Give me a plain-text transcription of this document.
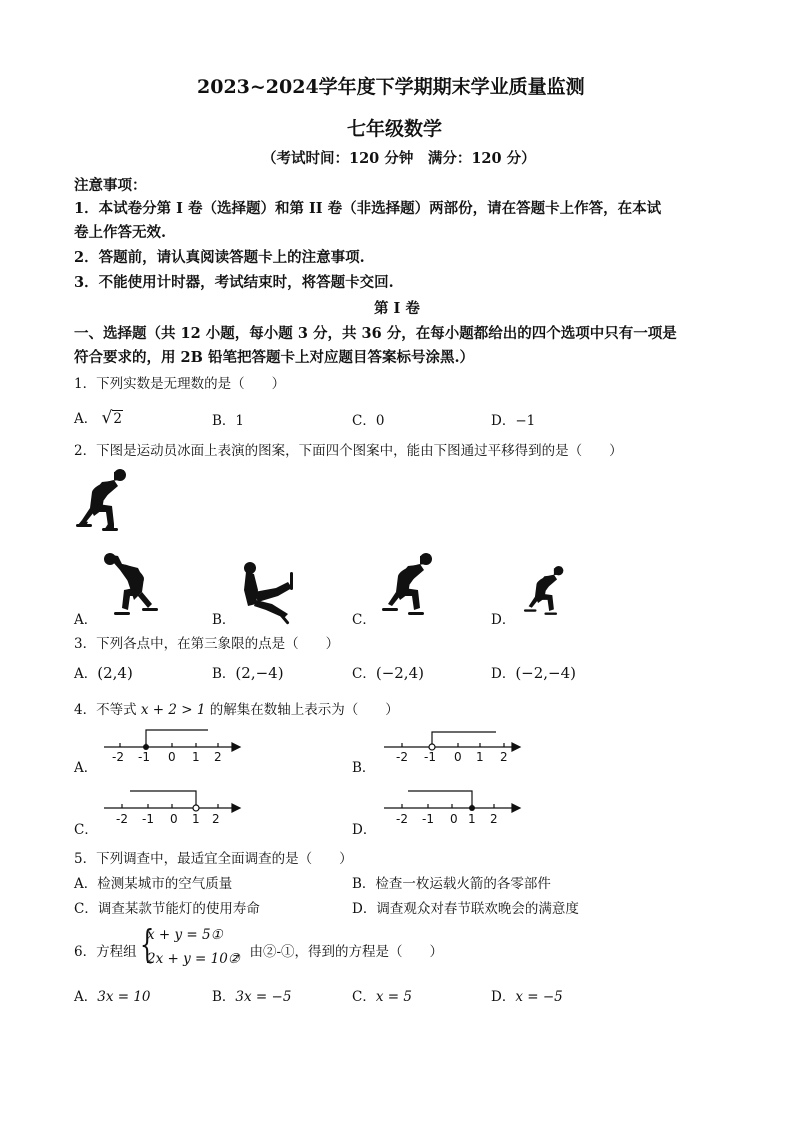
2023~2024学年度下学期期末学业质量监测
七年级数学
（考试时间：120 分钟　满分：120 分）
注意事项：
1．本试卷分第 I 卷（选择题）和第 II 卷（非选择题）两部份，请在答题卡上作答，在本试
卷上作答无效.
2．答题前，请认真阅读答题卡上的注意事项.
3．不能使用计时器，考试结束时，将答题卡交回.
第 I 卷
一、选择题（共 12 小题，每小题 3 分，共 36 分，在每小题都给出的四个选项中只有一项是
符合要求的，用 2B 铅笔把答题卡上对应题目答案标号涂黑.）
1．下列实数是无理数的是（　　）
A． √2	B．1	C．0	D．−1
2．下图是运动员冰面上表演的图案，下面四个图案中，能由下图通过平移得到的是（　　）
A．	B．	C．	D．
3．下列各点中，在第三象限的点是（　　）
A．(2,4)	B．(2,−4)	C．(−2,4)	D．(−2,−4)
4．不等式 x + 2 > 1 的解集在数轴上表示为（　　）
A．
-2 -1 0 1 2
B．
-2 -1 0 1 2
C．
-2 -1 0 1 2
D．
-2 -1 0 1 2
5．下列调查中，最适宜全面调查的是（　　）
A．检测某城市的空气质量	B．检查一枚运载火箭的各零部件
C．调查某款节能灯的使用寿命	D．调查观众对春节联欢晚会的满意度
6．方程组 {
x + y = 5①
2x + y = 10②
，由②-①，得到的方程是（　　）
A．3x = 10	B．3x = −5	C．x = 5	D．x = −5
